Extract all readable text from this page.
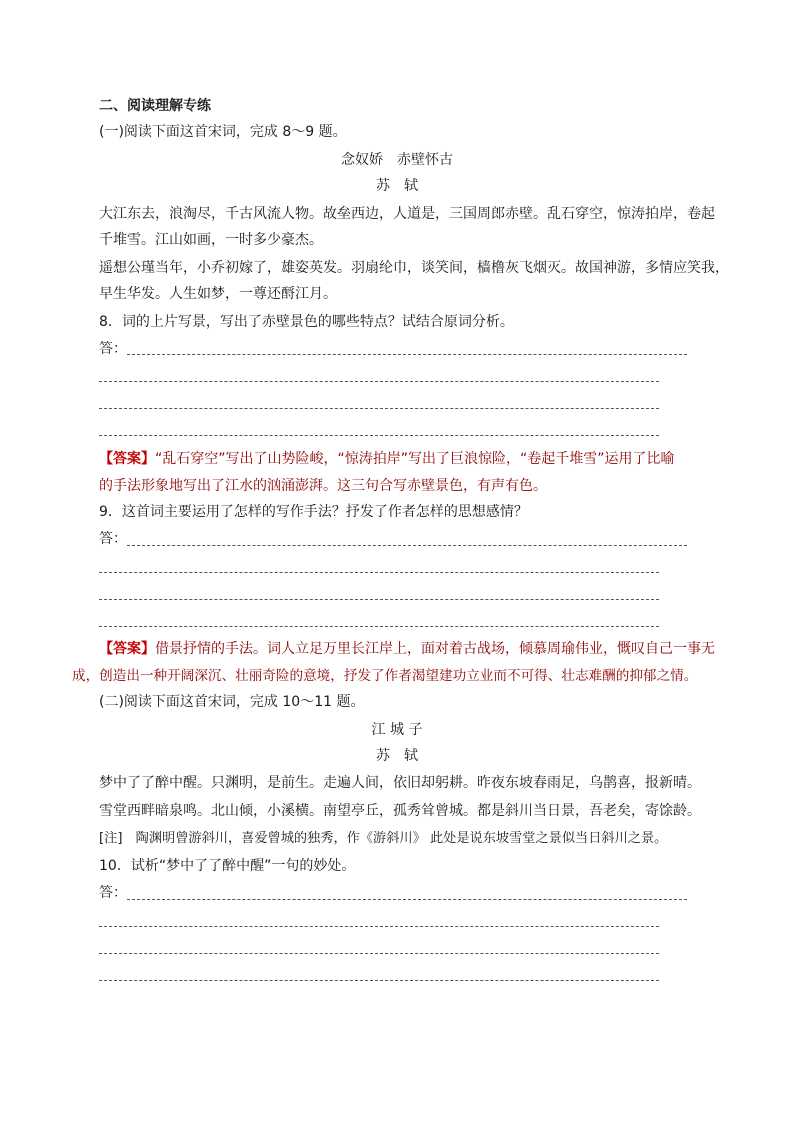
二、阅读理解专练
(一)阅读下面这首宋词，完成 8～9 题。
念奴娇　赤壁怀古
苏　轼
大江东去，浪淘尽，千古风流人物。故垒西边，人道是，三国周郎赤壁。乱石穿空，惊涛拍岸，卷起
千堆雪。江山如画，一时多少豪杰。
遥想公瑾当年，小乔初嫁了，雄姿英发。羽扇纶巾，谈笑间，樯橹灰飞烟灭。故国神游，多情应笑我，
早生华发。人生如梦，一尊还酹江月。
8．词的上片写景，写出了赤壁景色的哪些特点？试结合原词分析。
答：
【答案】“乱石穿空”写出了山势险峻，“惊涛拍岸”写出了巨浪惊险，“卷起千堆雪”运用了比喻
的手法形象地写出了江水的汹涌澎湃。这三句合写赤壁景色，有声有色。
9．这首词主要运用了怎样的写作手法？抒发了作者怎样的思想感情？
答：
【答案】借景抒情的手法。词人立足万里长江岸上，面对着古战场，倾慕周瑜伟业，慨叹自己一事无
成，创造出一种开阔深沉、壮丽奇险的意境，抒发了作者渴望建功立业而不可得、壮志难酬的抑郁之情。
(二)阅读下面这首宋词，完成 10～11 题。
江 城 子
苏　轼
梦中了了醉中醒。只渊明，是前生。走遍人间，依旧却躬耕。昨夜东坡春雨足，乌鹊喜，报新晴。
雪堂西畔暗泉鸣。北山倾，小溪横。南望亭丘，孤秀耸曾城。都是斜川当日景，吾老矣，寄馀龄。
[注]　陶渊明曾游斜川，喜爱曾城的独秀，作《游斜川》 此处是说东坡雪堂之景似当日斜川之景。
10．试析“梦中了了醉中醒”一句的妙处。
答：
